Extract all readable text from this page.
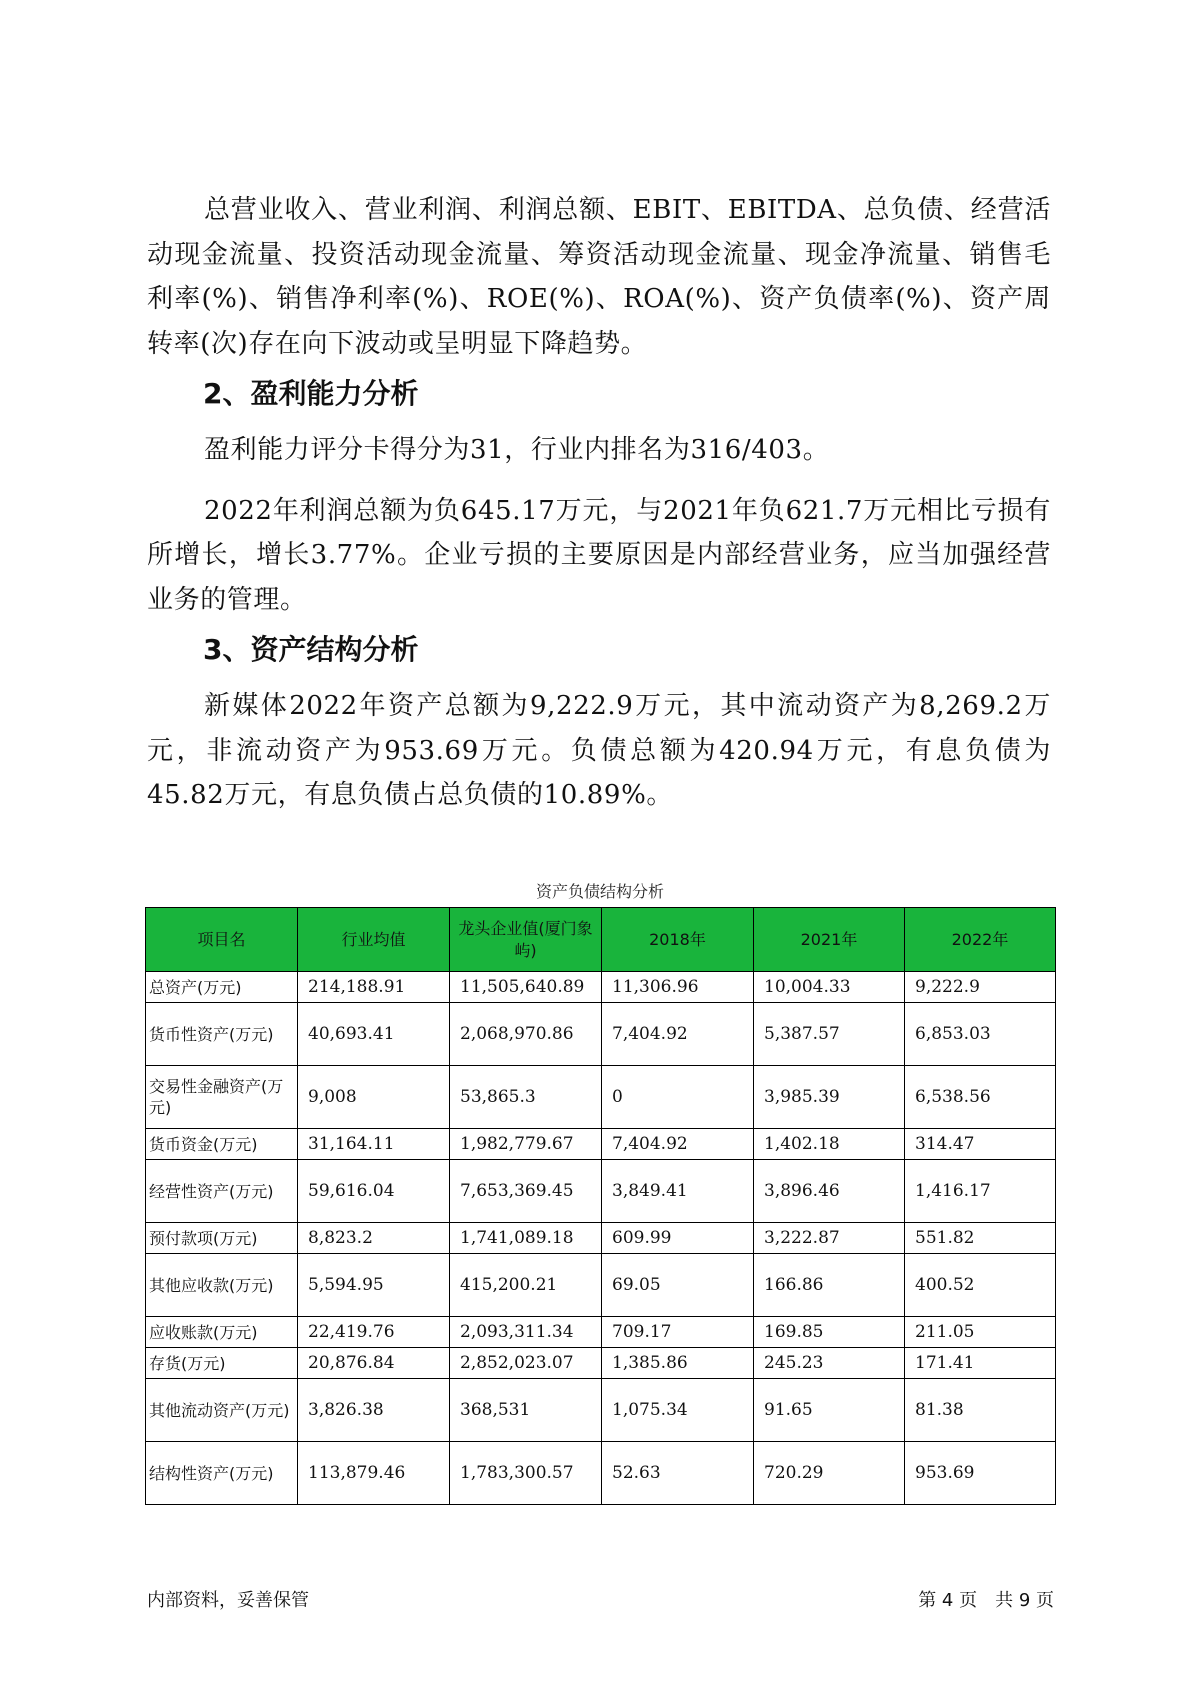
总营业收入、营业利润、利润总额、EBIT、EBITDA、总负债、经营活动现金流量、投资活动现金流量、筹资活动现金流量、现金净流量、销售毛利率(%)、销售净利率(%)、ROE(%)、ROA(%)、资产负债率(%)、资产周转率(次)存在向下波动或呈明显下降趋势。

2、盈利能力分析

盈利能力评分卡得分为31，行业内排名为316/403。

2022年利润总额为负645.17万元，与2021年负621.7万元相比亏损有所增长，增长3.77%。企业亏损的主要原因是内部经营业务，应当加强经营业务的管理。

3、资产结构分析

新媒体2022年资产总额为9,222.9万元，其中流动资产为8,269.2万元，非流动资产为953.69万元。负债总额为420.94万元，有息负债为45.82万元，有息负债占总负债的10.89%。

资产负债结构分析
项目名	行业均值	龙头企业值(厦门象屿)	2018年	2021年	2022年
总资产(万元)	214,188.91	11,505,640.89	11,306.96	10,004.33	9,222.9
货币性资产(万元)	40,693.41	2,068,970.86	7,404.92	5,387.57	6,853.03
交易性金融资产(万元)	9,008	53,865.3	0	3,985.39	6,538.56
货币资金(万元)	31,164.11	1,982,779.67	7,404.92	1,402.18	314.47
经营性资产(万元)	59,616.04	7,653,369.45	3,849.41	3,896.46	1,416.17
预付款项(万元)	8,823.2	1,741,089.18	609.99	3,222.87	551.82
其他应收款(万元)	5,594.95	415,200.21	69.05	166.86	400.52
应收账款(万元)	22,419.76	2,093,311.34	709.17	169.85	211.05
存货(万元)	20,876.84	2,852,023.07	1,385.86	245.23	171.41
其他流动资产(万元)	3,826.38	368,531	1,075.34	91.65	81.38
结构性资产(万元)	113,879.46	1,783,300.57	52.63	720.29	953.69
内部资料，妥善保管	第 4 页　共 9 页
